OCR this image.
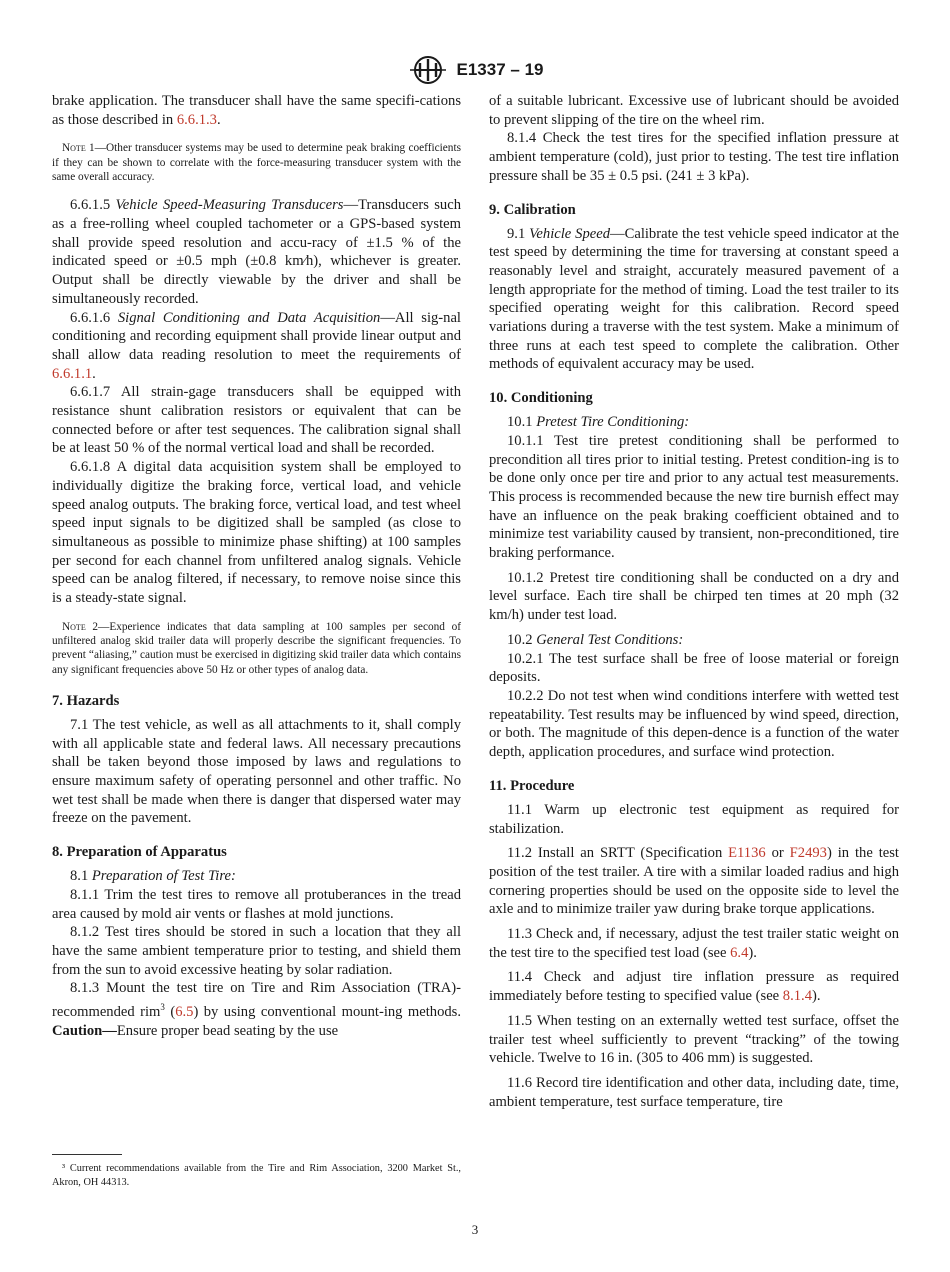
E1337 – 19

brake application. The transducer shall have the same specifi-cations as those described in 6.6.1.3.

Note 1—Other transducer systems may be used to determine peak braking coefficients if they can be shown to correlate with the force-measuring transducer system with the same overall accuracy.

6.6.1.5 Vehicle Speed-Measuring Transducers—Transducers such as a free-rolling wheel coupled tachometer or a GPS-based system shall provide speed resolution and accu-racy of ±1.5 % of the indicated speed or ±0.5 mph (±0.8 km⁄h), whichever is greater. Output shall be directly viewable by the driver and shall be simultaneously recorded.

6.6.1.6 Signal Conditioning and Data Acquisition—All sig-nal conditioning and recording equipment shall provide linear output and shall allow data reading resolution to meet the requirements of 6.6.1.1.

6.6.1.7 All strain-gage transducers shall be equipped with resistance shunt calibration resistors or equivalent that can be connected before or after test sequences. The calibration signal shall be at least 50 % of the normal vertical load and shall be recorded.

6.6.1.8 A digital data acquisition system shall be employed to individually digitize the braking force, vertical load, and vehicle speed analog outputs. The braking force, vertical load, and test wheel speed input signals to be digitized shall be sampled (as close to simultaneous as possible to minimize phase shifting) at 100 samples per second for each channel from unfiltered analog signals. Vehicle speed can be analog filtered, if necessary, to remove noise since this is a steady-state signal.

Note 2—Experience indicates that data sampling at 100 samples per second of unfiltered analog skid trailer data will properly describe the significant frequencies. To prevent “aliasing,” caution must be exercised in digitizing skid trailer data which contains any significant frequencies above 50 Hz or other types of analog data.
7. Hazards

7.1 The test vehicle, as well as all attachments to it, shall comply with all applicable state and federal laws. All necessary precautions shall be taken beyond those imposed by laws and regulations to ensure maximum safety of operating personnel and other traffic. No wet test shall be made when there is danger that dispersed water may freeze on the pavement.

8. Preparation of Apparatus

8.1 Preparation of Test Tire:

8.1.1 Trim the test tires to remove all protuberances in the tread area caused by mold air vents or flashes at mold junctions.

8.1.2 Test tires should be stored in such a location that they all have the same ambient temperature prior to testing, and shield them from the sun to avoid excessive heating by solar radiation.

8.1.3 Mount the test tire on Tire and Rim Association (TRA)-recommended rim$^3$ (6.5) by using conventional mount-ing methods. Caution—Ensure proper bead seating by the use

³ Current recommendations available from the Tire and Rim Association, 3200 Market St., Akron, OH 44313.

of a suitable lubricant. Excessive use of lubricant should be avoided to prevent slipping of the tire on the wheel rim.

8.1.4 Check the test tires for the specified inflation pressure at ambient temperature (cold), just prior to testing. The test tire inflation pressure shall be 35 ± 0.5 psi. (241 ± 3 kPa).

9. Calibration

9.1 Vehicle Speed—Calibrate the test vehicle speed indicator at the test speed by determining the time for traversing at constant speed a reasonably level and straight, accurately measured pavement of a length appropriate for the method of timing. Load the test trailer to its specified operating weight for this calibration. Record speed variations during a traverse with the test system. Make a minimum of three runs at each test speed to complete the calibration. Other methods of equivalent accuracy may be used.

10. Conditioning

10.1 Pretest Tire Conditioning:

10.1.1 Test tire pretest conditioning shall be performed to precondition all tires prior to initial testing. Pretest condition-ing is to be done only once per tire and prior to any actual test measurements. This process is recommended because the new tire burnish effect may have an influence on the peak braking coefficient obtained and to minimize test variability caused by transient, non-preconditioned, tire braking performance.

10.1.2 Pretest tire conditioning shall be conducted on a dry and level surface. Each tire shall be chirped ten times at 20 mph (32 km/h) under test load.

10.2 General Test Conditions:

10.2.1 The test surface shall be free of loose material or foreign deposits.

10.2.2 Do not test when wind conditions interfere with wetted test repeatability. Test results may be influenced by wind speed, direction, or both. The magnitude of this depen-dence is a function of the water depth, application procedures, and surface wind protection.

11. Procedure

11.1 Warm up electronic test equipment as required for stabilization.

11.2 Install an SRTT (Specification E1136 or F2493) in the test position of the test trailer. A tire with a similar loaded radius and high cornering properties should be used on the opposite side to level the axle and to minimize trailer yaw during brake torque applications.

11.3 Check and, if necessary, adjust the test trailer static weight on the test tire to the specified test load (see 6.4).

11.4 Check and adjust tire inflation pressure as required immediately before testing to specified value (see 8.1.4).

11.5 When testing on an externally wetted test surface, offset the trailer test wheel sufficiently to prevent “tracking” of the towing vehicle. Twelve to 16 in. (305 to 406 mm) is suggested.

11.6 Record tire identification and other data, including date, time, ambient temperature, test surface temperature, tire

3
